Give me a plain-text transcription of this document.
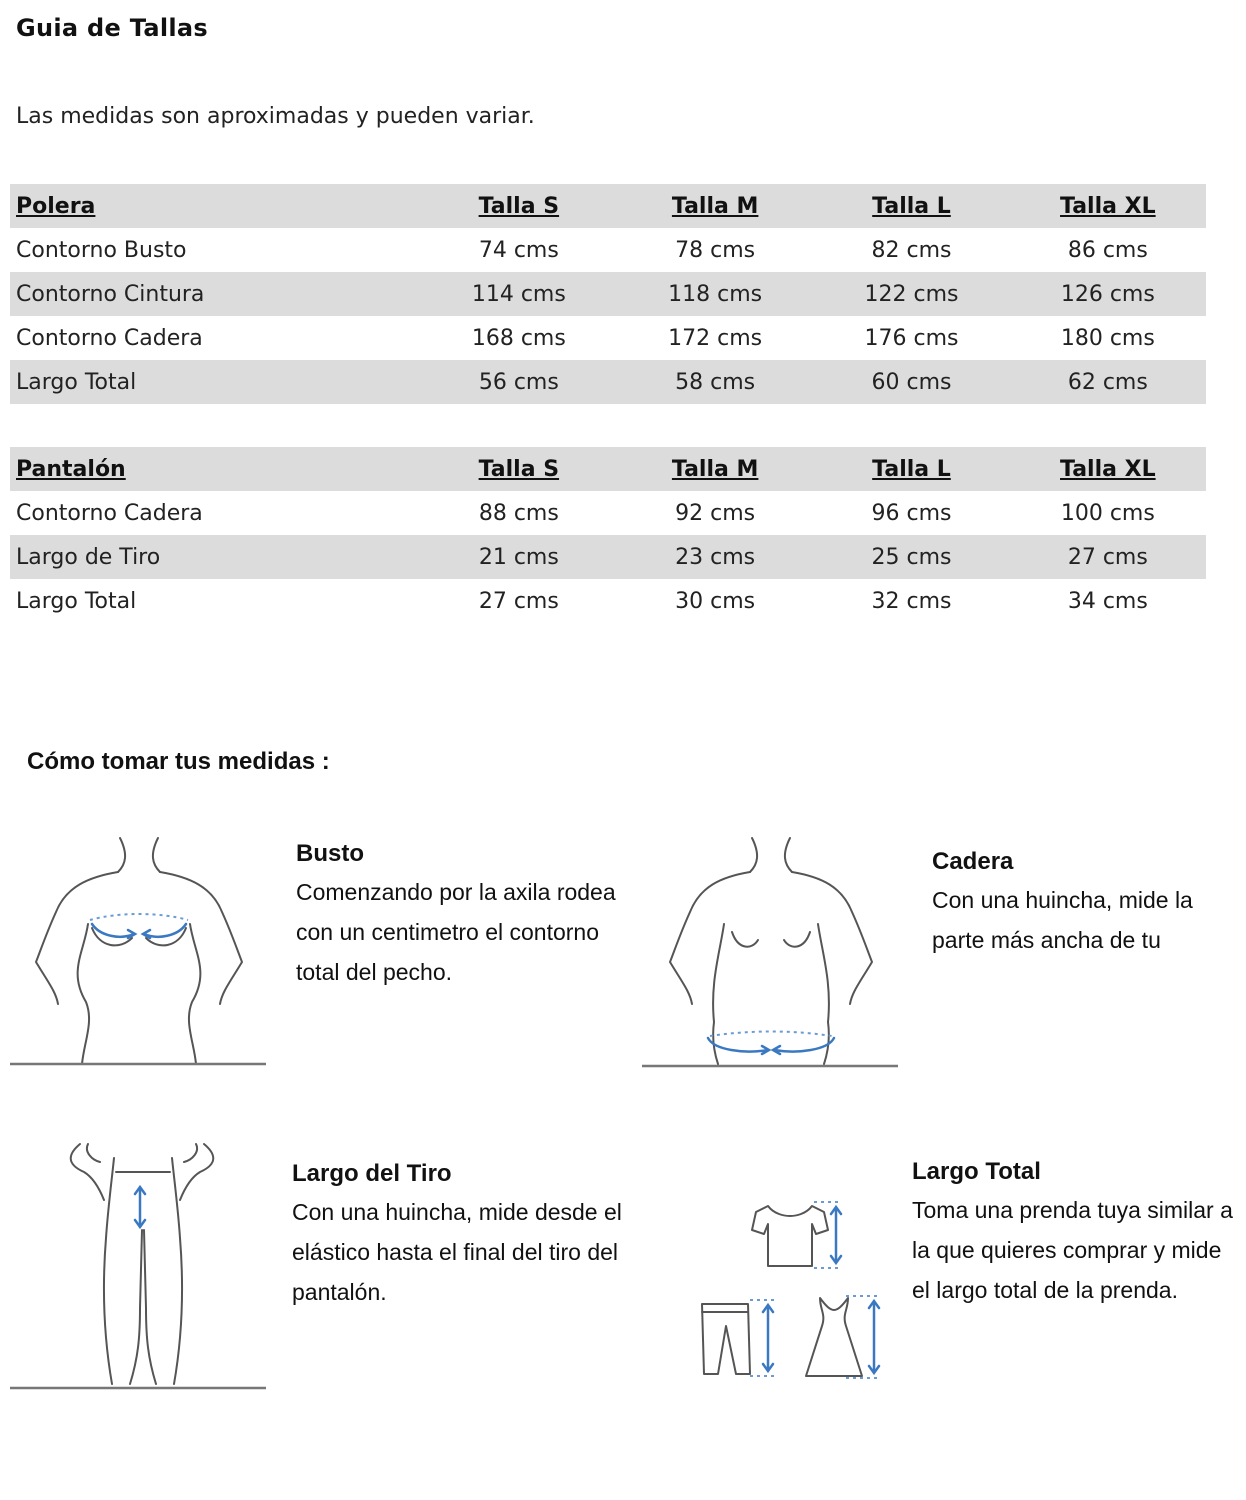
Guia de Tallas
Las medidas son aproximadas y pueden variar.
Polera	Talla S	Talla M	Talla L	Talla XL
Contorno Busto	74 cms	78 cms	82 cms	86 cms
Contorno Cintura	114 cms	118 cms	122 cms	126 cms
Contorno Cadera	168 cms	172 cms	176 cms	180 cms
Largo Total	56 cms	58 cms	60 cms	62 cms
Pantalón	Talla S	Talla M	Talla L	Talla XL
Contorno Cadera	88 cms	92 cms	96 cms	100 cms
Largo de Tiro	21 cms	23 cms	25 cms	27 cms
Largo Total	27 cms	30 cms	32 cms	34 cms
Cómo tomar tus medidas :
Busto
Comenzando por la axila rodea con un centimetro el contorno total del pecho.
Cadera
Con una huincha, mide la parte más ancha de tu
Largo del Tiro
Con una huincha, mide desde el elástico hasta el final del tiro del pantalón.
Largo Total
Toma una prenda tuya similar a la que quieres comprar y mide el largo total de la prenda.
